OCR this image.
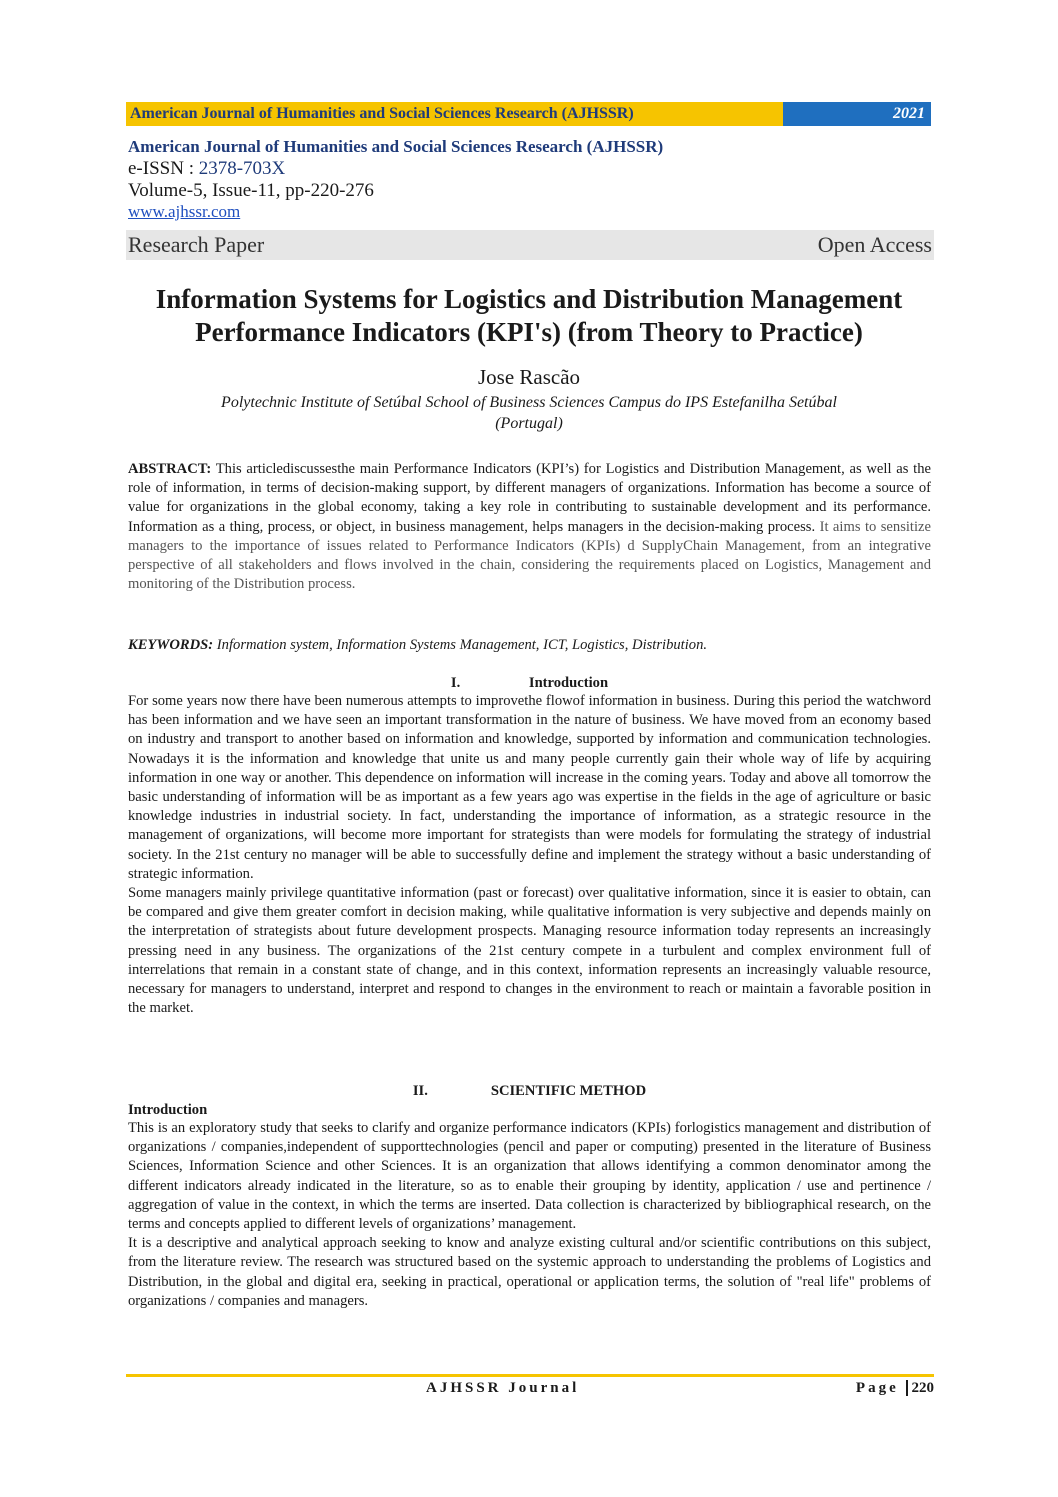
American Journal of Humanities and Social Sciences Research (AJHSSR)	2021
American Journal of Humanities and Social Sciences Research (AJHSSR)
e-ISSN : 2378-703X
Volume-5, Issue-11, pp-220-276
www.ajhssr.com
Research Paper	Open Access
Information Systems for Logistics and Distribution Management
Performance Indicators (KPI's) (from Theory to Practice)
Jose Rascão
Polytechnic Institute of Setúbal School of Business Sciences Campus do IPS Estefanilha Setúbal
(Portugal)

ABSTRACT: This articlediscussesthe main Performance Indicators (KPI’s) for Logistics and Distribution Management, as well as the role of information, in terms of decision-making support, by different managers of organizations. Information has become a source of value for organizations in the global economy, taking a key role in contributing to sustainable development and its performance. Information as a thing, process, or object, in business management, helps managers in the decision-making process. It aims to sensitize managers to the importance of issues related to Performance Indicators (KPIs) d SupplyChain Management, from an integrative perspective of all stakeholders and flows involved in the chain, considering the requirements placed on Logistics, Management and monitoring of the Distribution process.

KEYWORDS: Information system, Information Systems Management, ICT, Logistics, Distribution.

I.	Introduction

For some years now there have been numerous attempts to improvethe flowof information in business. During this period the watchword has been information and we have seen an important transformation in the nature of business. We have moved from an economy based on industry and transport to another based on information and knowledge, supported by information and communication technologies. Nowadays it is the information and knowledge that unite us and many people currently gain their whole way of life by acquiring information in one way or another. This dependence on information will increase in the coming years. Today and above all tomorrow the basic understanding of information will be as important as a few years ago was expertise in the fields in the age of agriculture or basic knowledge industries in industrial society. In fact, understanding the importance of information, as a strategic resource in the management of organizations, will become more important for strategists than were models for formulating the strategy of industrial society. In the 21st century no manager will be able to successfully define and implement the strategy without a basic understanding of strategic information.

Some managers mainly privilege quantitative information (past or forecast) over qualitative information, since it is easier to obtain, can be compared and give them greater comfort in decision making, while qualitative information is very subjective and depends mainly on the interpretation of strategists about future development prospects. Managing resource information today represents an increasingly pressing need in any business. The organizations of the 21st century compete in a turbulent and complex environment full of interrelations that remain in a constant state of change, and in this context, information represents an increasingly valuable resource, necessary for managers to understand, interpret and respond to changes in the environment to reach or maintain a favorable position in the market.

II.	SCIENTIFIC METHOD
Introduction

This is an exploratory study that seeks to clarify and organize performance indicators (KPIs) forlogistics management and distribution of organizations / companies,independent of supporttechnologies (pencil and paper or computing) presented in the literature of Business Sciences, Information Science and other Sciences. It is an organization that allows identifying a common denominator among the different indicators already indicated in the literature, so as to enable their grouping by identity, application / use and pertinence / aggregation of value in the context, in which the terms are inserted. Data collection is characterized by bibliographical research, on the terms and concepts applied to different levels of organizations’ management.

It is a descriptive and analytical approach seeking to know and analyze existing cultural and/or scientific contributions on this subject, from the literature review. The research was structured based on the systemic approach to understanding the problems of Logistics and Distribution, in the global and digital era, seeking in practical, operational or application terms, the solution of "real life" problems of organizations / companies and managers.

AJHSSR Journal	Page 220
